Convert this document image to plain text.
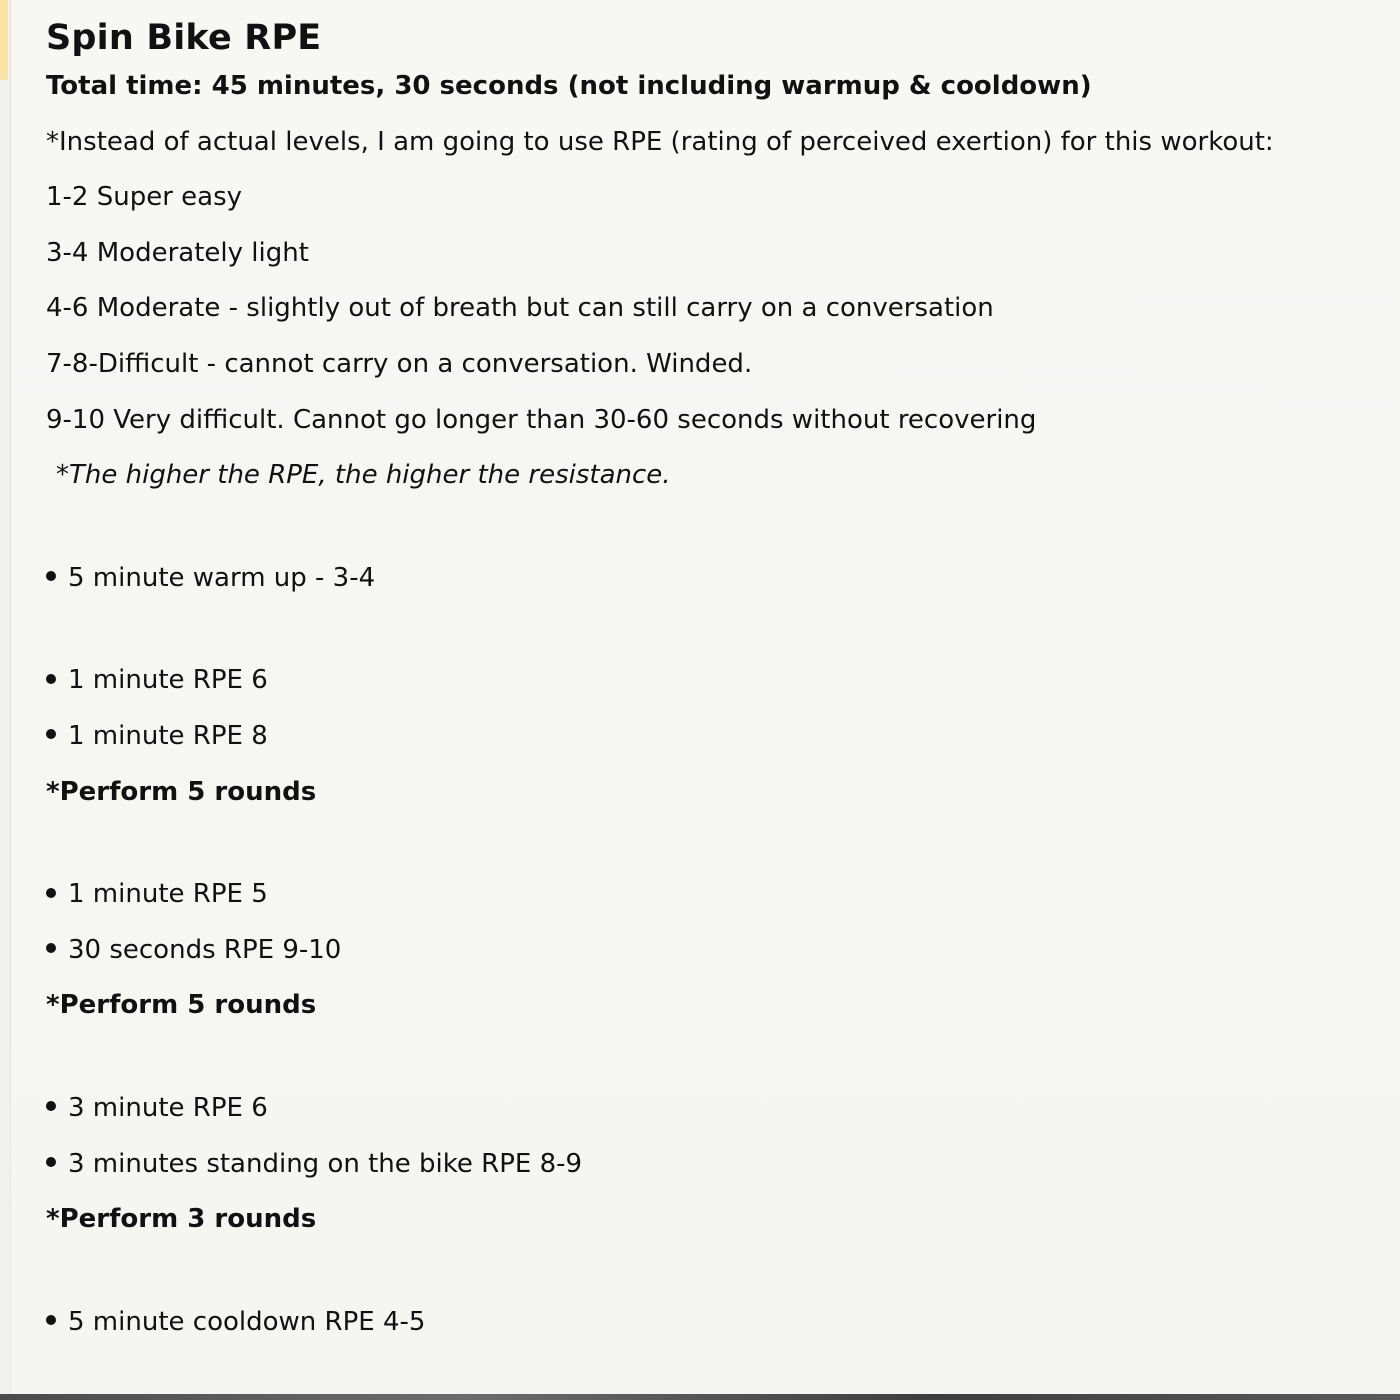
Spin Bike RPE
Total time: 45 minutes, 30 seconds (not including warmup & cooldown)
*Instead of actual levels, I am going to use RPE (rating of perceived exertion) for this workout:
1-2 Super easy
3-4 Moderately light
4-6 Moderate - slightly out of breath but can still carry on a conversation
7-8-Difficult - cannot carry on a conversation. Winded.
9-10 Very difficult. Cannot go longer than 30-60 seconds without recovering
*The higher the RPE, the higher the resistance.
5 minute warm up - 3-4
1 minute RPE 6
1 minute RPE 8
*Perform 5 rounds
1 minute RPE 5
30 seconds RPE 9-10
*Perform 5 rounds
3 minute RPE 6
3 minutes standing on the bike RPE 8-9
*Perform 3 rounds
5 minute cooldown RPE 4-5
